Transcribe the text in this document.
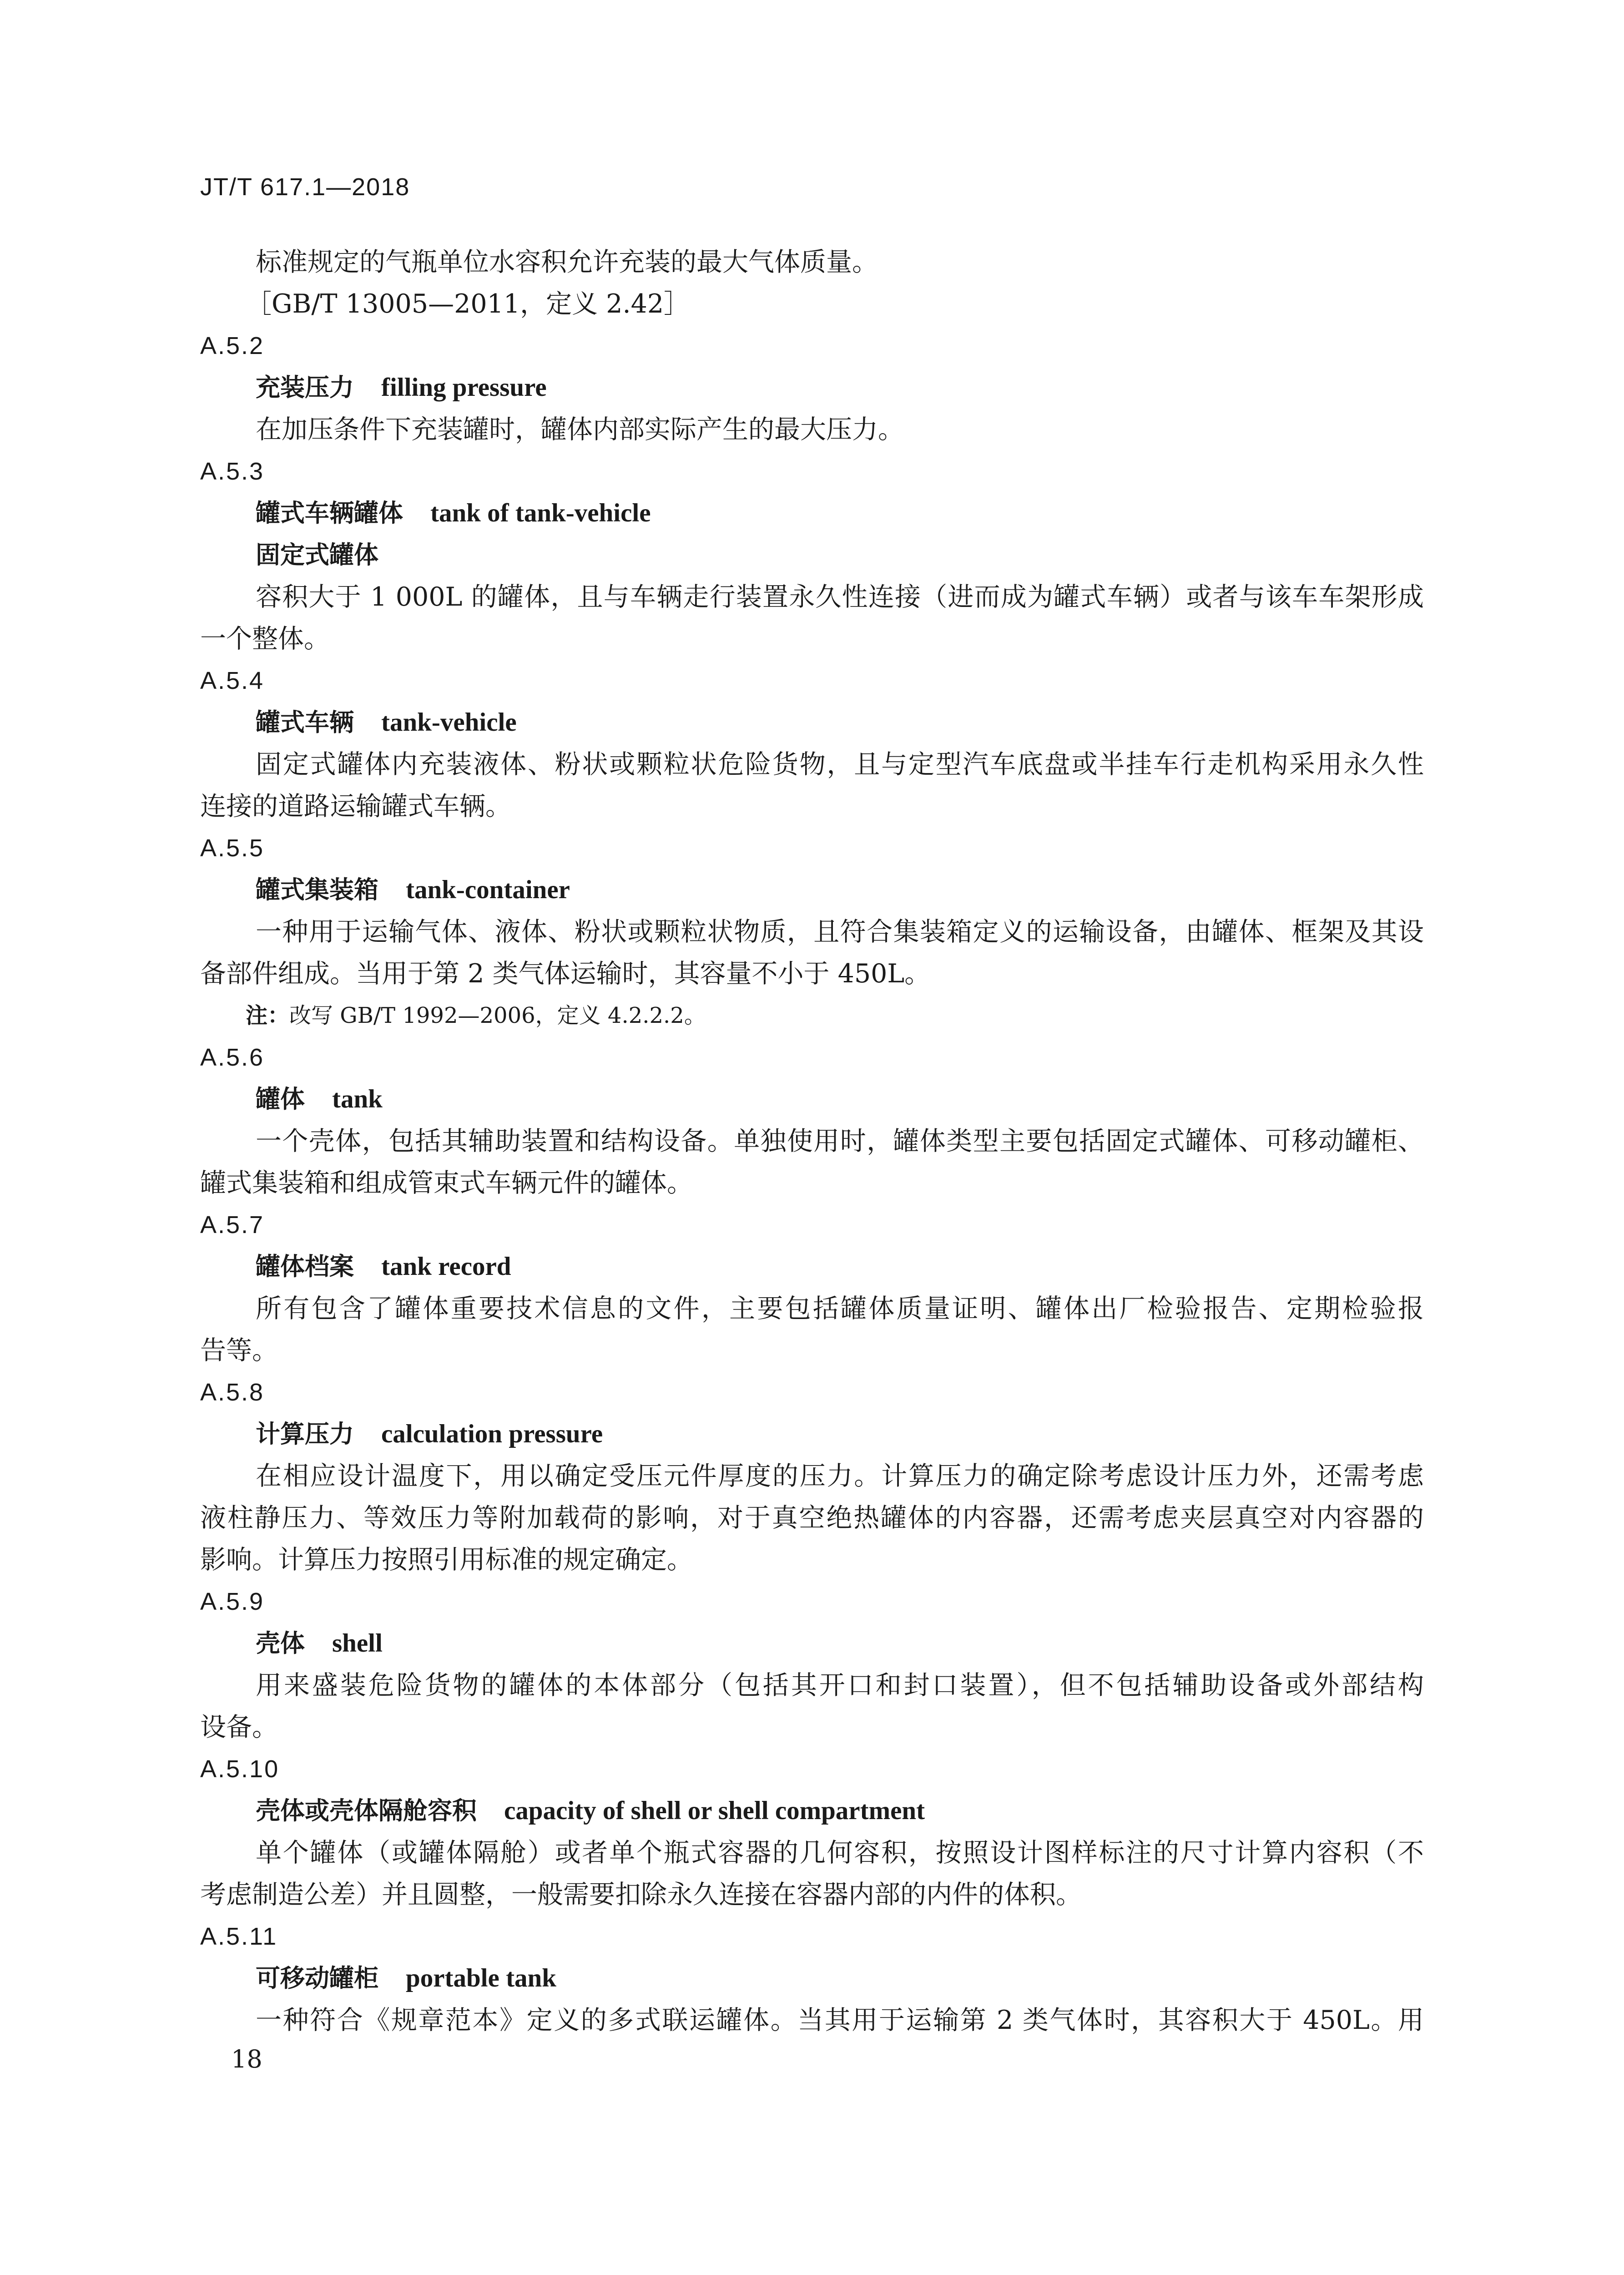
JT/T 617.1—2018
标准规定的气瓶单位水容积允许充装的最大气体质量。
［GB/T 13005—2011，定义 2.42］
A.5.2
充装压力 filling pressure
在加压条件下充装罐时，罐体内部实际产生的最大压力。
A.5.3
罐式车辆罐体 tank of tank-vehicle
固定式罐体
容积大于 1 000L 的罐体，且与车辆走行装置永久性连接（进而成为罐式车辆）或者与该车车架形成
一个整体。
A.5.4
罐式车辆 tank-vehicle
固定式罐体内充装液体、粉状或颗粒状危险货物，且与定型汽车底盘或半挂车行走机构采用永久性
连接的道路运输罐式车辆。
A.5.5
罐式集装箱 tank-container
一种用于运输气体、液体、粉状或颗粒状物质，且符合集装箱定义的运输设备，由罐体、框架及其设
备部件组成。当用于第 2 类气体运输时，其容量不小于 450L。
注：改写 GB/T 1992—2006，定义 4.2.2.2。
A.5.6
罐体 tank
一个壳体，包括其辅助装置和结构设备。单独使用时，罐体类型主要包括固定式罐体、可移动罐柜、
罐式集装箱和组成管束式车辆元件的罐体。
A.5.7
罐体档案 tank record
所有包含了罐体重要技术信息的文件，主要包括罐体质量证明、罐体出厂检验报告、定期检验报
告等。
A.5.8
计算压力 calculation pressure
在相应设计温度下，用以确定受压元件厚度的压力。计算压力的确定除考虑设计压力外，还需考虑
液柱静压力、等效压力等附加载荷的影响，对于真空绝热罐体的内容器，还需考虑夹层真空对内容器的
影响。计算压力按照引用标准的规定确定。
A.5.9
壳体 shell
用来盛装危险货物的罐体的本体部分（包括其开口和封口装置），但不包括辅助设备或外部结构
设备。
A.5.10
壳体或壳体隔舱容积 capacity of shell or shell compartment
单个罐体（或罐体隔舱）或者单个瓶式容器的几何容积，按照设计图样标注的尺寸计算内容积（不
考虑制造公差）并且圆整，一般需要扣除永久连接在容器内部的内件的体积。
A.5.11
可移动罐柜 portable tank
一种符合《规章范本》定义的多式联运罐体。当其用于运输第 2 类气体时，其容积大于 450L。用
18
